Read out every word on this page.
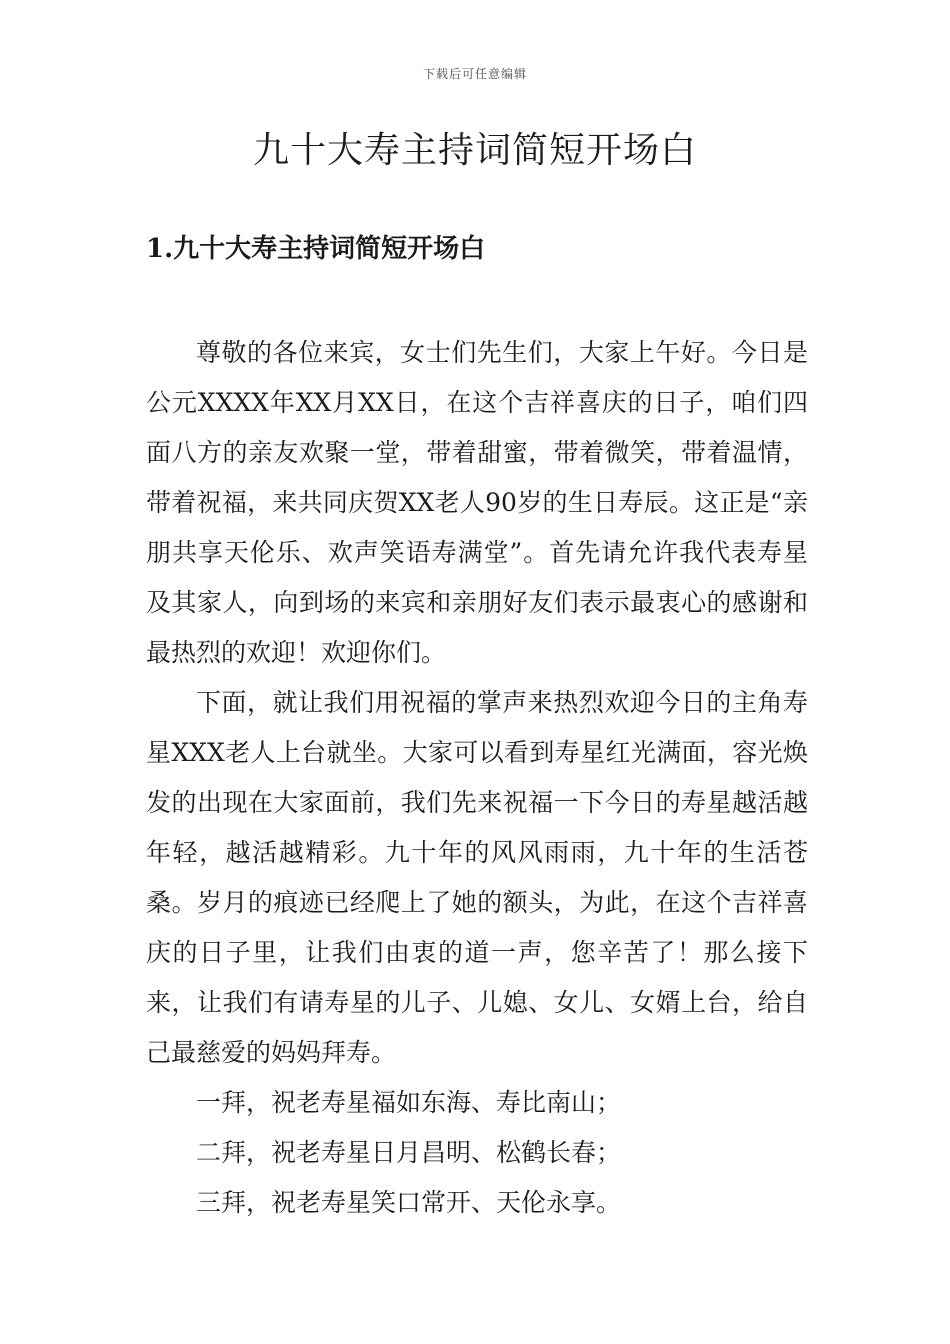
下载后可任意编辑
九十大寿主持词简短开场白
1.九十大寿主持词简短开场白

尊敬的各位来宾，女士们先生们，大家上午好。今日是公元XXXX年XX月XX日，在这个吉祥喜庆的日子，咱们四面八方的亲友欢聚一堂，带着甜蜜，带着微笑，带着温情，带着祝福，来共同庆贺XX老人90岁的生日寿辰。这正是“亲朋共享天伦乐、欢声笑语寿满堂”。首先请允许我代表寿星及其家人，向到场的来宾和亲朋好友们表示最衷心的感谢和最热烈的欢迎！欢迎你们。

下面，就让我们用祝福的掌声来热烈欢迎今日的主角寿星XXX老人上台就坐。大家可以看到寿星红光满面，容光焕发的出现在大家面前，我们先来祝福一下今日的寿星越活越年轻，越活越精彩。九十年的风风雨雨，九十年的生活苍桑。岁月的痕迹已经爬上了她的额头，为此，在这个吉祥喜庆的日子里，让我们由衷的道一声，您辛苦了！那么接下来，让我们有请寿星的儿子、儿媳、女儿、女婿上台，给自己最慈爱的妈妈拜寿。

一拜，祝老寿星福如东海、寿比南山；

二拜，祝老寿星日月昌明、松鹤长春；

三拜，祝老寿星笑口常开、天伦永享。
